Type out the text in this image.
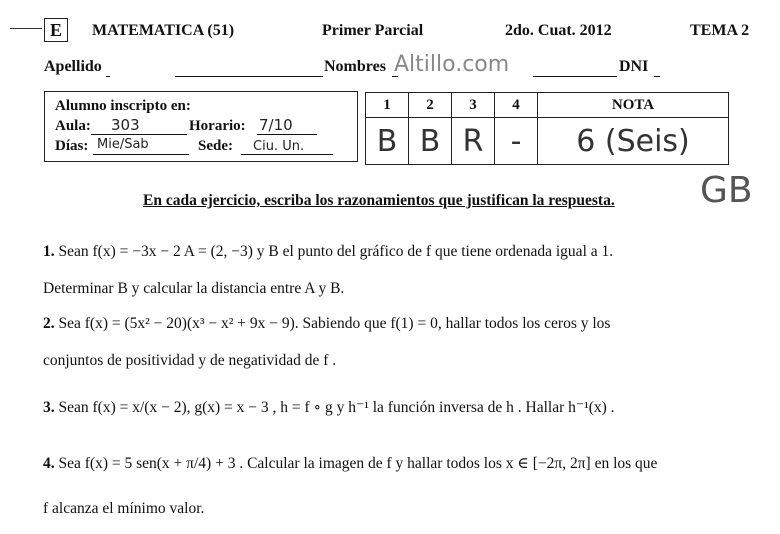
E	MATEMATICA (51)	Primer Parcial	2do. Cuat. 2012	TEMA 2
Apellido	Nombres Altillo.com	DNI
Alumno inscripto en:
Aula: 303	Horario: 7/10
Días: Mie/Sab	Sede: Ciu. Un.
1	2	3	4	NOTA
B	B	R	-	6 (Seis)
GB
En cada ejercicio, escriba los razonamientos que justifican la respuesta.
1. Sean f(x) = −3x − 2 A = (2, −3) y B el punto del gráfico de f que tiene ordenada igual a 1.
Determinar B y calcular la distancia entre A y B.
2. Sea f(x) = (5x² − 20)(x³ − x² + 9x − 9). Sabiendo que f(1) = 0, hallar todos los ceros y los
conjuntos de positividad y de negatividad de f .
3. Sean f(x) = x/(x − 2), g(x) = x − 3 , h = f ∘ g y h⁻¹ la función inversa de h . Hallar h⁻¹(x) .
4. Sea f(x) = 5 sen(x + π/4) + 3 . Calcular la imagen de f y hallar todos los x ∈ [−2π, 2π] en los que
f alcanza el mínimo valor.
